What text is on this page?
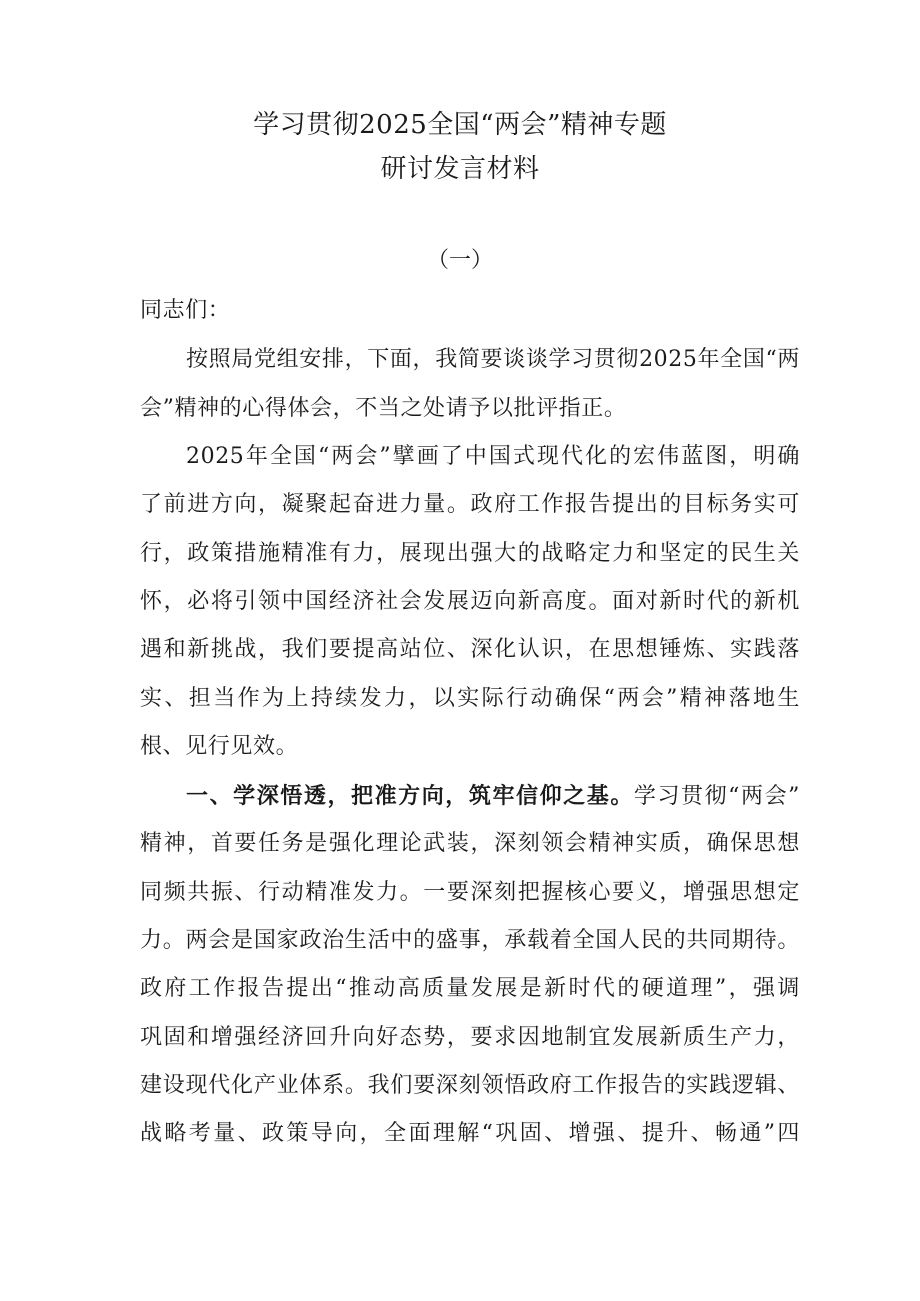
学习贯彻2025全国“两会”精神专题
研讨发言材料
（一）
同志们：
按照局党组安排，下面，我简要谈谈学习贯彻2025年全国“两
会”精神的心得体会，不当之处请予以批评指正。
2025年全国“两会”擘画了中国式现代化的宏伟蓝图，明确
了前进方向，凝聚起奋进力量。政府工作报告提出的目标务实可
行，政策措施精准有力，展现出强大的战略定力和坚定的民生关
怀，必将引领中国经济社会发展迈向新高度。面对新时代的新机
遇和新挑战，我们要提高站位、深化认识，在思想锤炼、实践落
实、担当作为上持续发力，以实际行动确保“两会”精神落地生
根、见行见效。
一、学深悟透，把准方向，筑牢信仰之基。学习贯彻“两会”
精神，首要任务是强化理论武装，深刻领会精神实质，确保思想
同频共振、行动精准发力。一要深刻把握核心要义，增强思想定
力。两会是国家政治生活中的盛事，承载着全国人民的共同期待。
政府工作报告提出“推动高质量发展是新时代的硬道理”，强调
巩固和增强经济回升向好态势，要求因地制宜发展新质生产力，
建设现代化产业体系。我们要深刻领悟政府工作报告的实践逻辑、
战略考量、政策导向，全面理解“巩固、增强、提升、畅通”四
